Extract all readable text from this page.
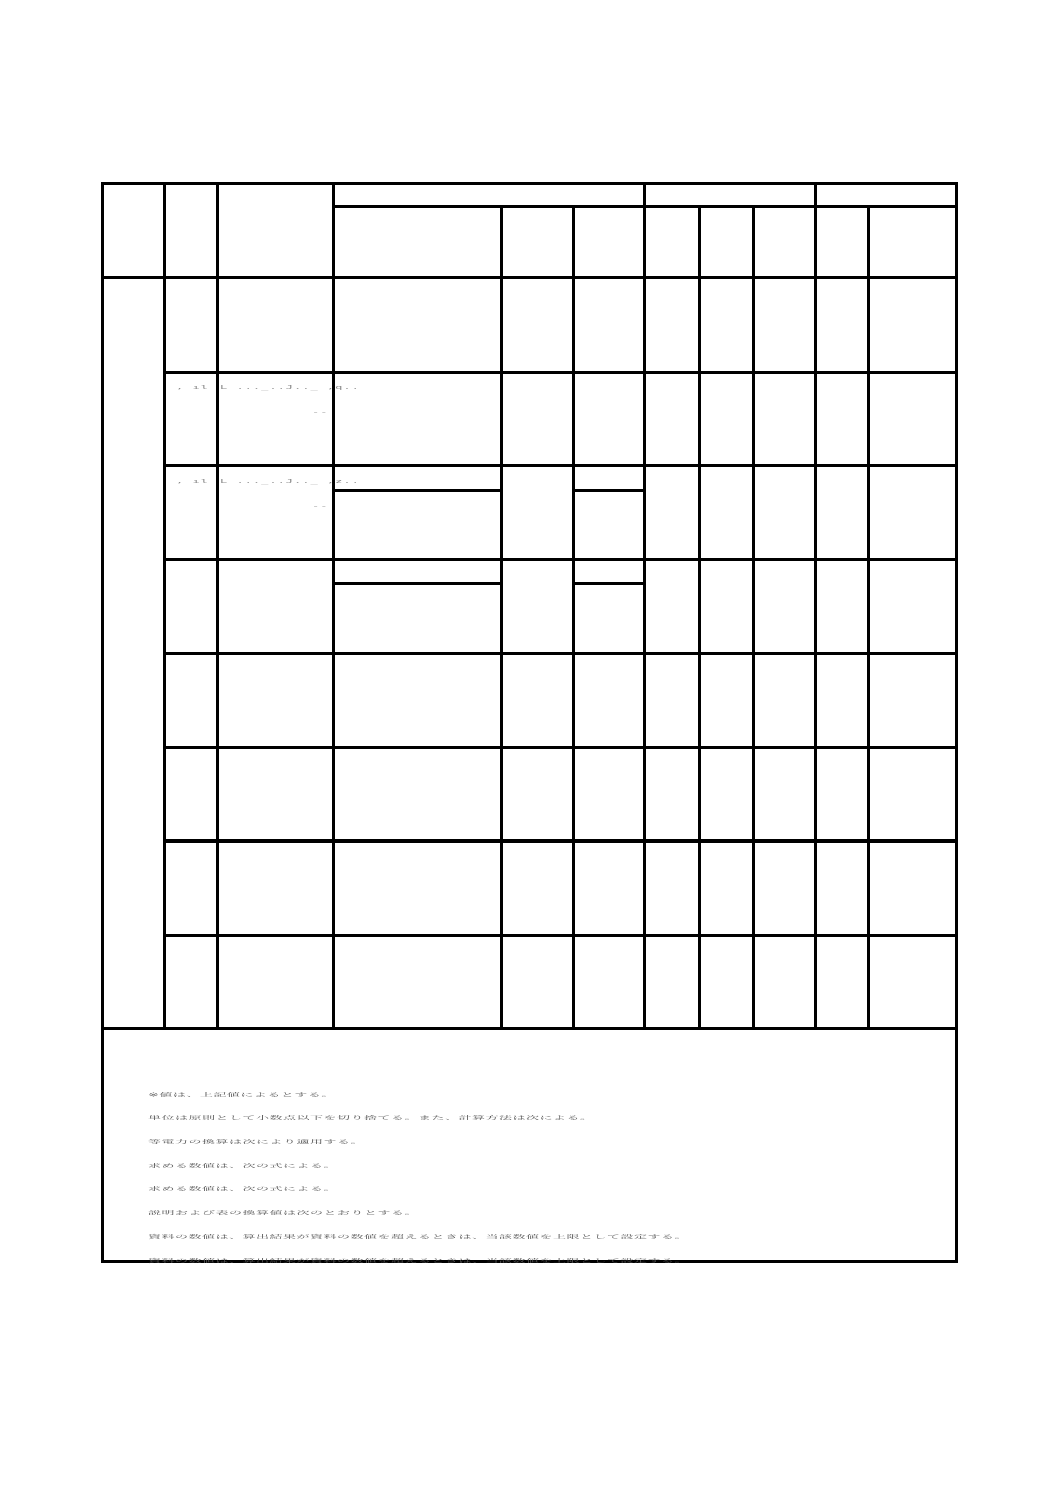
, ıl L ..._..J.._ ,q..
--
, ıl L ..._..J.._ ,z..
--
※値は、上記値によるとする。
単位は原則として小数点以下を切り捨てる。また、計算方法は次による。
等電力の換算は次により適用する。
求める数値は、次の式による。
求める数値は、次の式による。
説明および表の換算値は次のとおりとする。
資料の数値は、算出結果が資料の数値を超えるときは、当該数値を上限として設定する。
資料の数値は、算出結果が資料の数値を超えるときは、当該数値を上限として設定する。
